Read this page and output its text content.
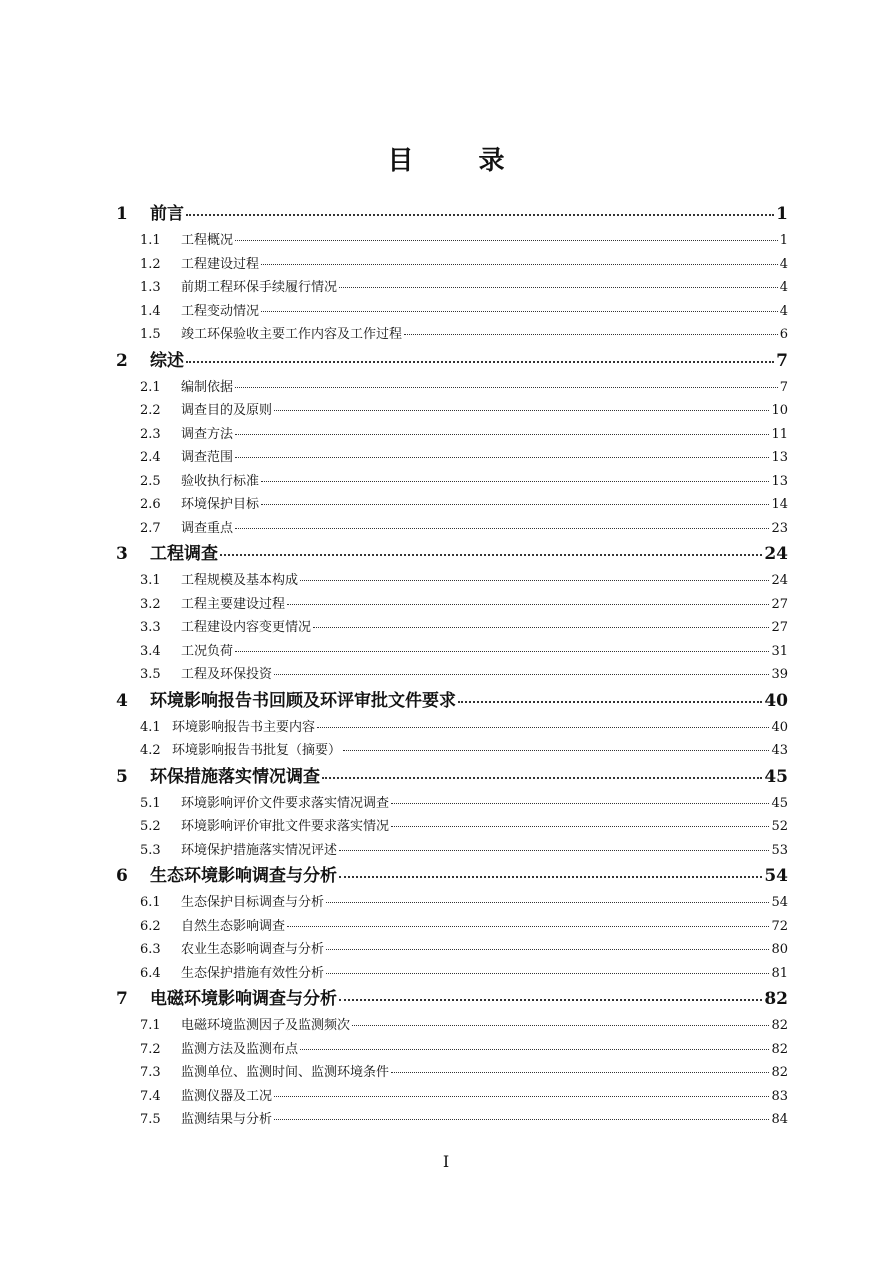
目 录
1	前言	1
1.1	工程概况	1
1.2	工程建设过程	4
1.3	前期工程环保手续履行情况	4
1.4	工程变动情况	4
1.5	竣工环保验收主要工作内容及工作过程	6
2	综述	7
2.1	编制依据	7
2.2	调查目的及原则	10
2.3	调查方法	11
2.4	调查范围	13
2.5	验收执行标准	13
2.6	环境保护目标	14
2.7	调查重点	23
3	工程调查	24
3.1	工程规模及基本构成	24
3.2	工程主要建设过程	27
3.3	工程建设内容变更情况	27
3.4	工况负荷	31
3.5	工程及环保投资	39
4	环境影响报告书回顾及环评审批文件要求	40
4.1 环境影响报告书主要内容	40
4.2 环境影响报告书批复（摘要）	43
5	环保措施落实情况调查	45
5.1	环境影响评价文件要求落实情况调查	45
5.2	环境影响评价审批文件要求落实情况	52
5.3	环境保护措施落实情况评述	53
6	生态环境影响调查与分析	54
6.1	生态保护目标调查与分析	54
6.2	自然生态影响调查	72
6.3	农业生态影响调查与分析	80
6.4	生态保护措施有效性分析	81
7	电磁环境影响调查与分析	82
7.1	电磁环境监测因子及监测频次	82
7.2	监测方法及监测布点	82
7.3	监测单位、监测时间、监测环境条件	82
7.4	监测仪器及工况	83
7.5	监测结果与分析	84
I
